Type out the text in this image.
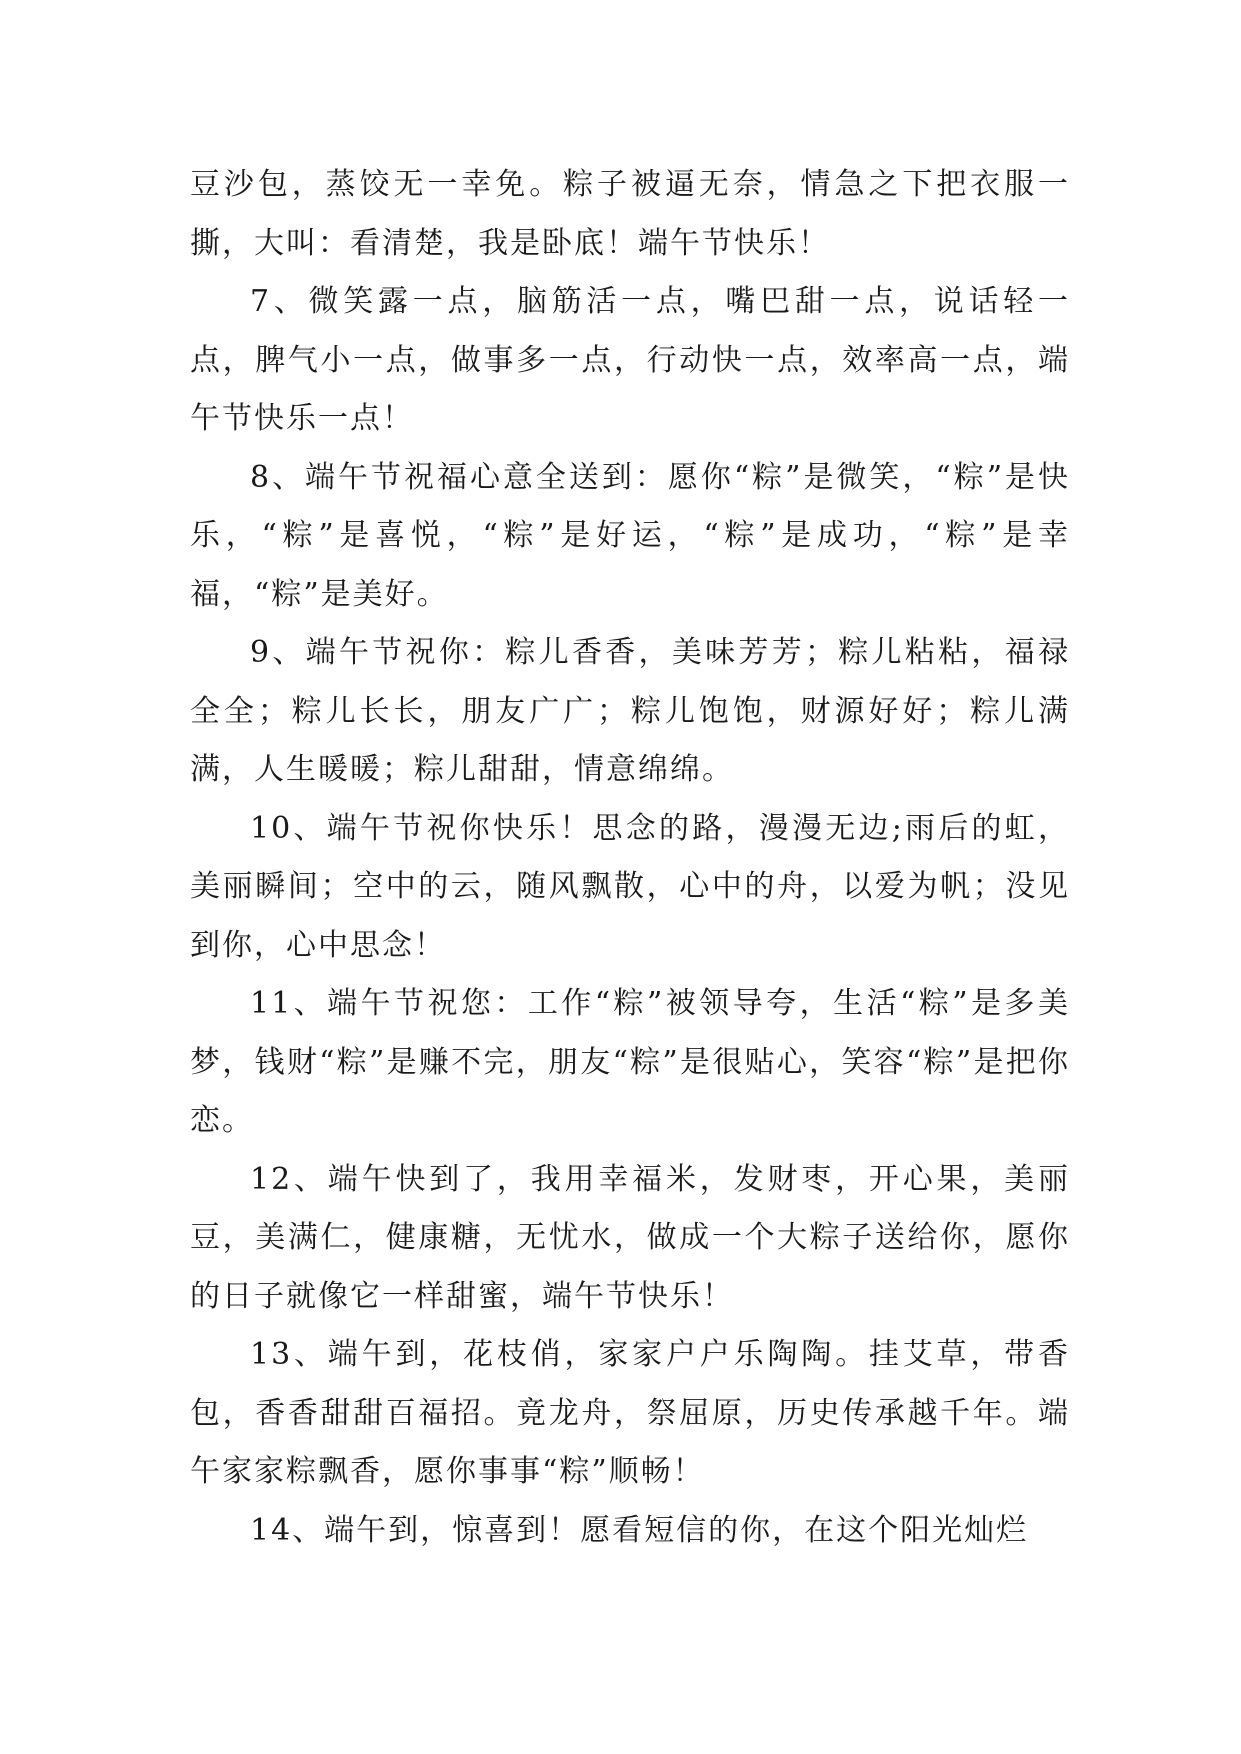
豆沙包，蒸饺无一幸免。粽子被逼无奈，情急之下把衣服一撕，大叫：看清楚，我是卧底！端午节快乐！

7、微笑露一点，脑筋活一点，嘴巴甜一点，说话轻一点，脾气小一点，做事多一点，行动快一点，效率高一点，端午节快乐一点！

8、端午节祝福心意全送到：愿你“粽”是微笑，“粽”是快乐，“粽”是喜悦，“粽”是好运，“粽”是成功，“粽”是幸福，“粽”是美好。

9、端午节祝你：粽儿香香，美味芳芳；粽儿粘粘，福禄全全；粽儿长长，朋友广广；粽儿饱饱，财源好好；粽儿满满，人生暖暖；粽儿甜甜，情意绵绵。

10、端午节祝你快乐！思念的路，漫漫无边;雨后的虹，美丽瞬间；空中的云，随风飘散，心中的舟，以爱为帆；没见到你，心中思念！

11、端午节祝您：工作“粽”被领导夸，生活“粽”是多美梦，钱财“粽”是赚不完，朋友“粽”是很贴心，笑容“粽”是把你恋。

12、端午快到了，我用幸福米，发财枣，开心果，美丽豆，美满仁，健康糖，无忧水，做成一个大粽子送给你，愿你的日子就像它一样甜蜜，端午节快乐！

13、端午到，花枝俏，家家户户乐陶陶。挂艾草，带香包，香香甜甜百福招。竟龙舟，祭屈原，历史传承越千年。端午家家粽飘香，愿你事事“粽”顺畅！

14、端午到，惊喜到！愿看短信的你，在这个阳光灿烂
